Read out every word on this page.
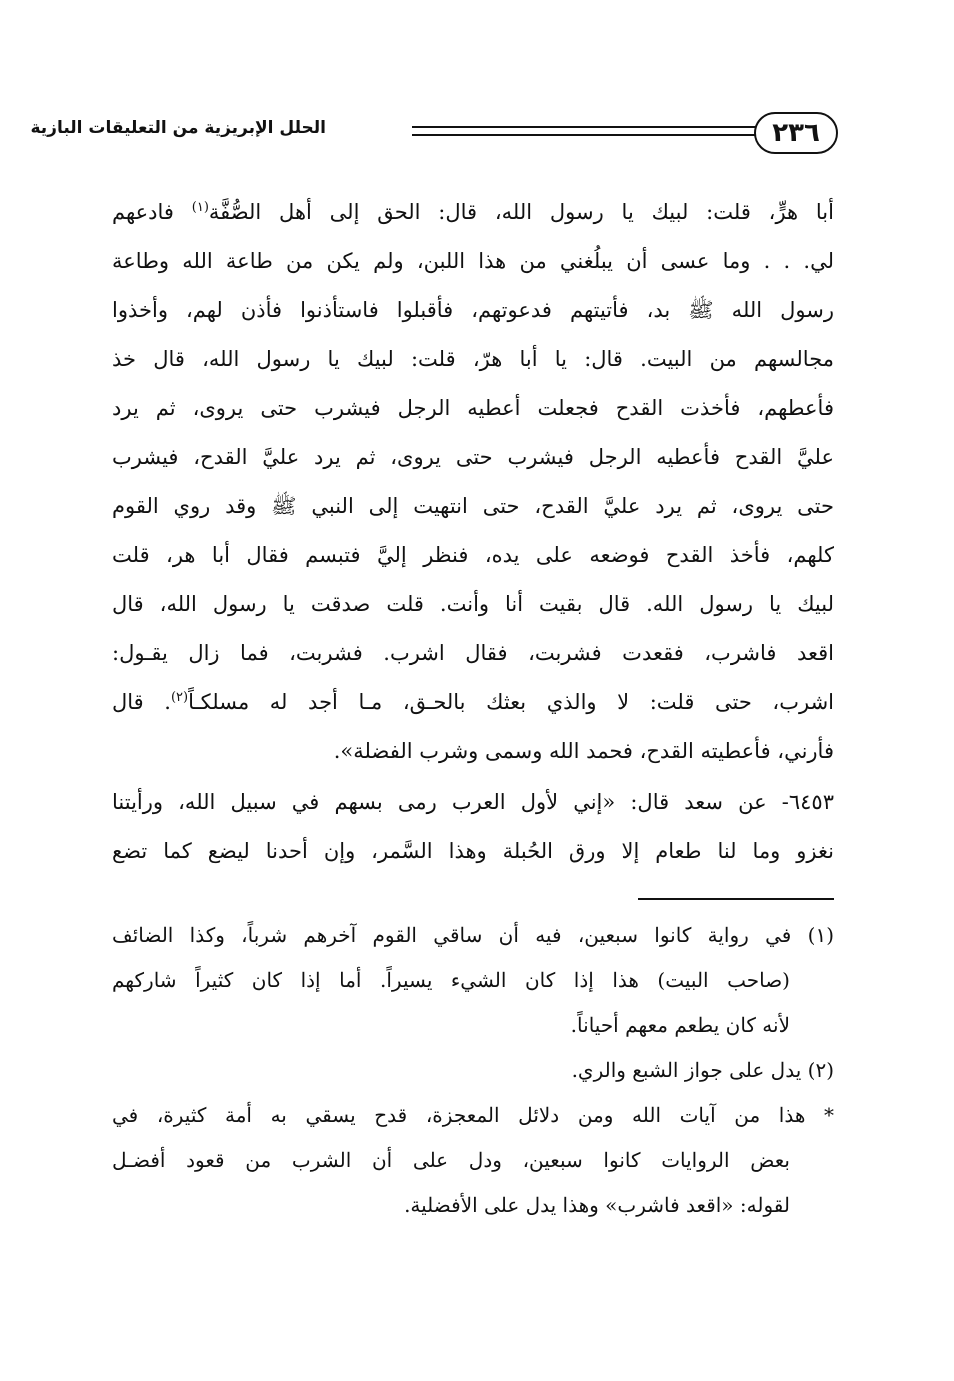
٢٣٦
الحلل الإبريزية من التعليقات البازية
أبا هرٍّ، قلت: لبيك يا رسول الله، قال: الحق إلى أهل الصُّفَّة$^{(١)}$ فادعهم
لي. . . وما عسى أن يبلُغني من هذا اللبن، ولم يكن من طاعة الله وطاعة
رسول الله ﷺ بد، فأتيتهم فدعوتهم، فأقبلوا فاستأذنوا فأذن لهم، وأخذوا
مجالسهم من البيت. قال: يا أبا هرّ، قلت: لبيك يا رسول الله، قال خذ
فأعطهم، فأخذت القدح فجعلت أعطيه الرجل فيشرب حتى يروى، ثم يرد
عليَّ القدح فأعطيه الرجل فيشرب حتى يروى، ثم يرد عليَّ القدح، فيشرب
حتى يروى، ثم يرد عليَّ القدح، حتى انتهيت إلى النبي ﷺ وقد روي القوم
كلهم، فأخذ القدح فوضعه على يده، فنظر إليَّ فتبسم فقال أبا هر، قلت
لبيك يا رسول الله. قال بقيت أنا وأنت. قلت صدقت يا رسول الله، قال
اقعد فاشرب، فقعدت فشربت، فقال اشرب. فشربت، فما زال يقـول:
اشرب، حتى قلت: لا والذي بعثك بالحـق، مـا أجد له مسلكـاً$^{(٢)}$. قال
فأرني، فأعطيته القدح، فحمد الله وسمى وشرب الفضلة».
٦٤٥٣- عن سعد قال: «إني لأول العرب رمى بسهم في سبيل الله، ورأيتنا
نغزو وما لنا طعام إلا ورق الحُبلة وهذا السَّمر، وإن أحدنا ليضع كما تضع
(١) في رواية كانوا سبعين، فيه أن ساقي القوم آخرهم شرباً، وكذا الضائف
(صاحب البيت) هذا إذا كان الشيء يسيراً. أما إذا كان كثيراً شاركهم
لأنه كان يطعم معهم أحياناً.
(٢) يدل على جواز الشبع والري.
* هذا من آيات الله ومن دلائل المعجزة، قدح يسقي به أمة كثيرة، في
بعض الروايات كانوا سبعين، ودل على أن الشرب من قعود أفضـل
لقوله: «اقعد فاشرب» وهذا يدل على الأفضلية.
